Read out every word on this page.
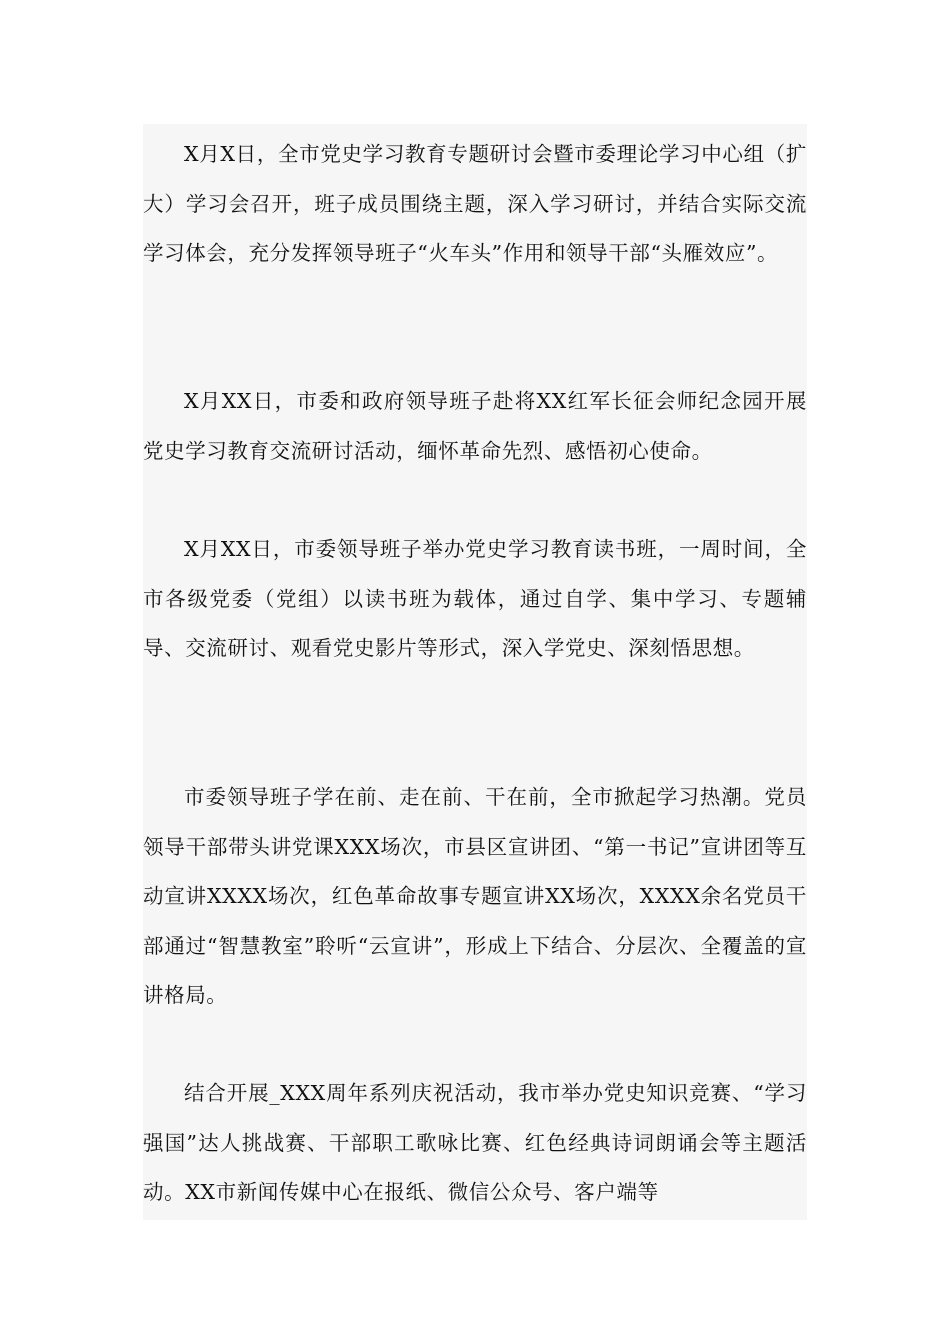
X月X日，全市党史学习教育专题研讨会暨市委理论学习中心组（扩大）学习会召开，班子成员围绕主题，深入学习研讨，并结合实际交流学习体会，充分发挥领导班子“火车头”作用和领导干部“头雁效应”。

X月XX日，市委和政府领导班子赴将XX红军长征会师纪念园开展党史学习教育交流研讨活动，缅怀革命先烈、感悟初心使命。

X月XX日，市委领导班子举办党史学习教育读书班，一周时间，全市各级党委（党组）以读书班为载体，通过自学、集中学习、专题辅导、交流研讨、观看党史影片等形式，深入学党史、深刻悟思想。

市委领导班子学在前、走在前、干在前，全市掀起学习热潮。党员领导干部带头讲党课XXX场次，市县区宣讲团、“第一书记”宣讲团等互动宣讲XXXX场次，红色革命故事专题宣讲XX场次，XXXX余名党员干部通过“智慧教室”聆听“云宣讲”，形成上下结合、分层次、全覆盖的宣讲格局。

结合开展_XXX周年系列庆祝活动，我市举办党史知识竞赛、“学习强国”达人挑战赛、干部职工歌咏比赛、红色经典诗词朗诵会等主题活动。XX市新闻传媒中心在报纸、微信公众号、客户端等
